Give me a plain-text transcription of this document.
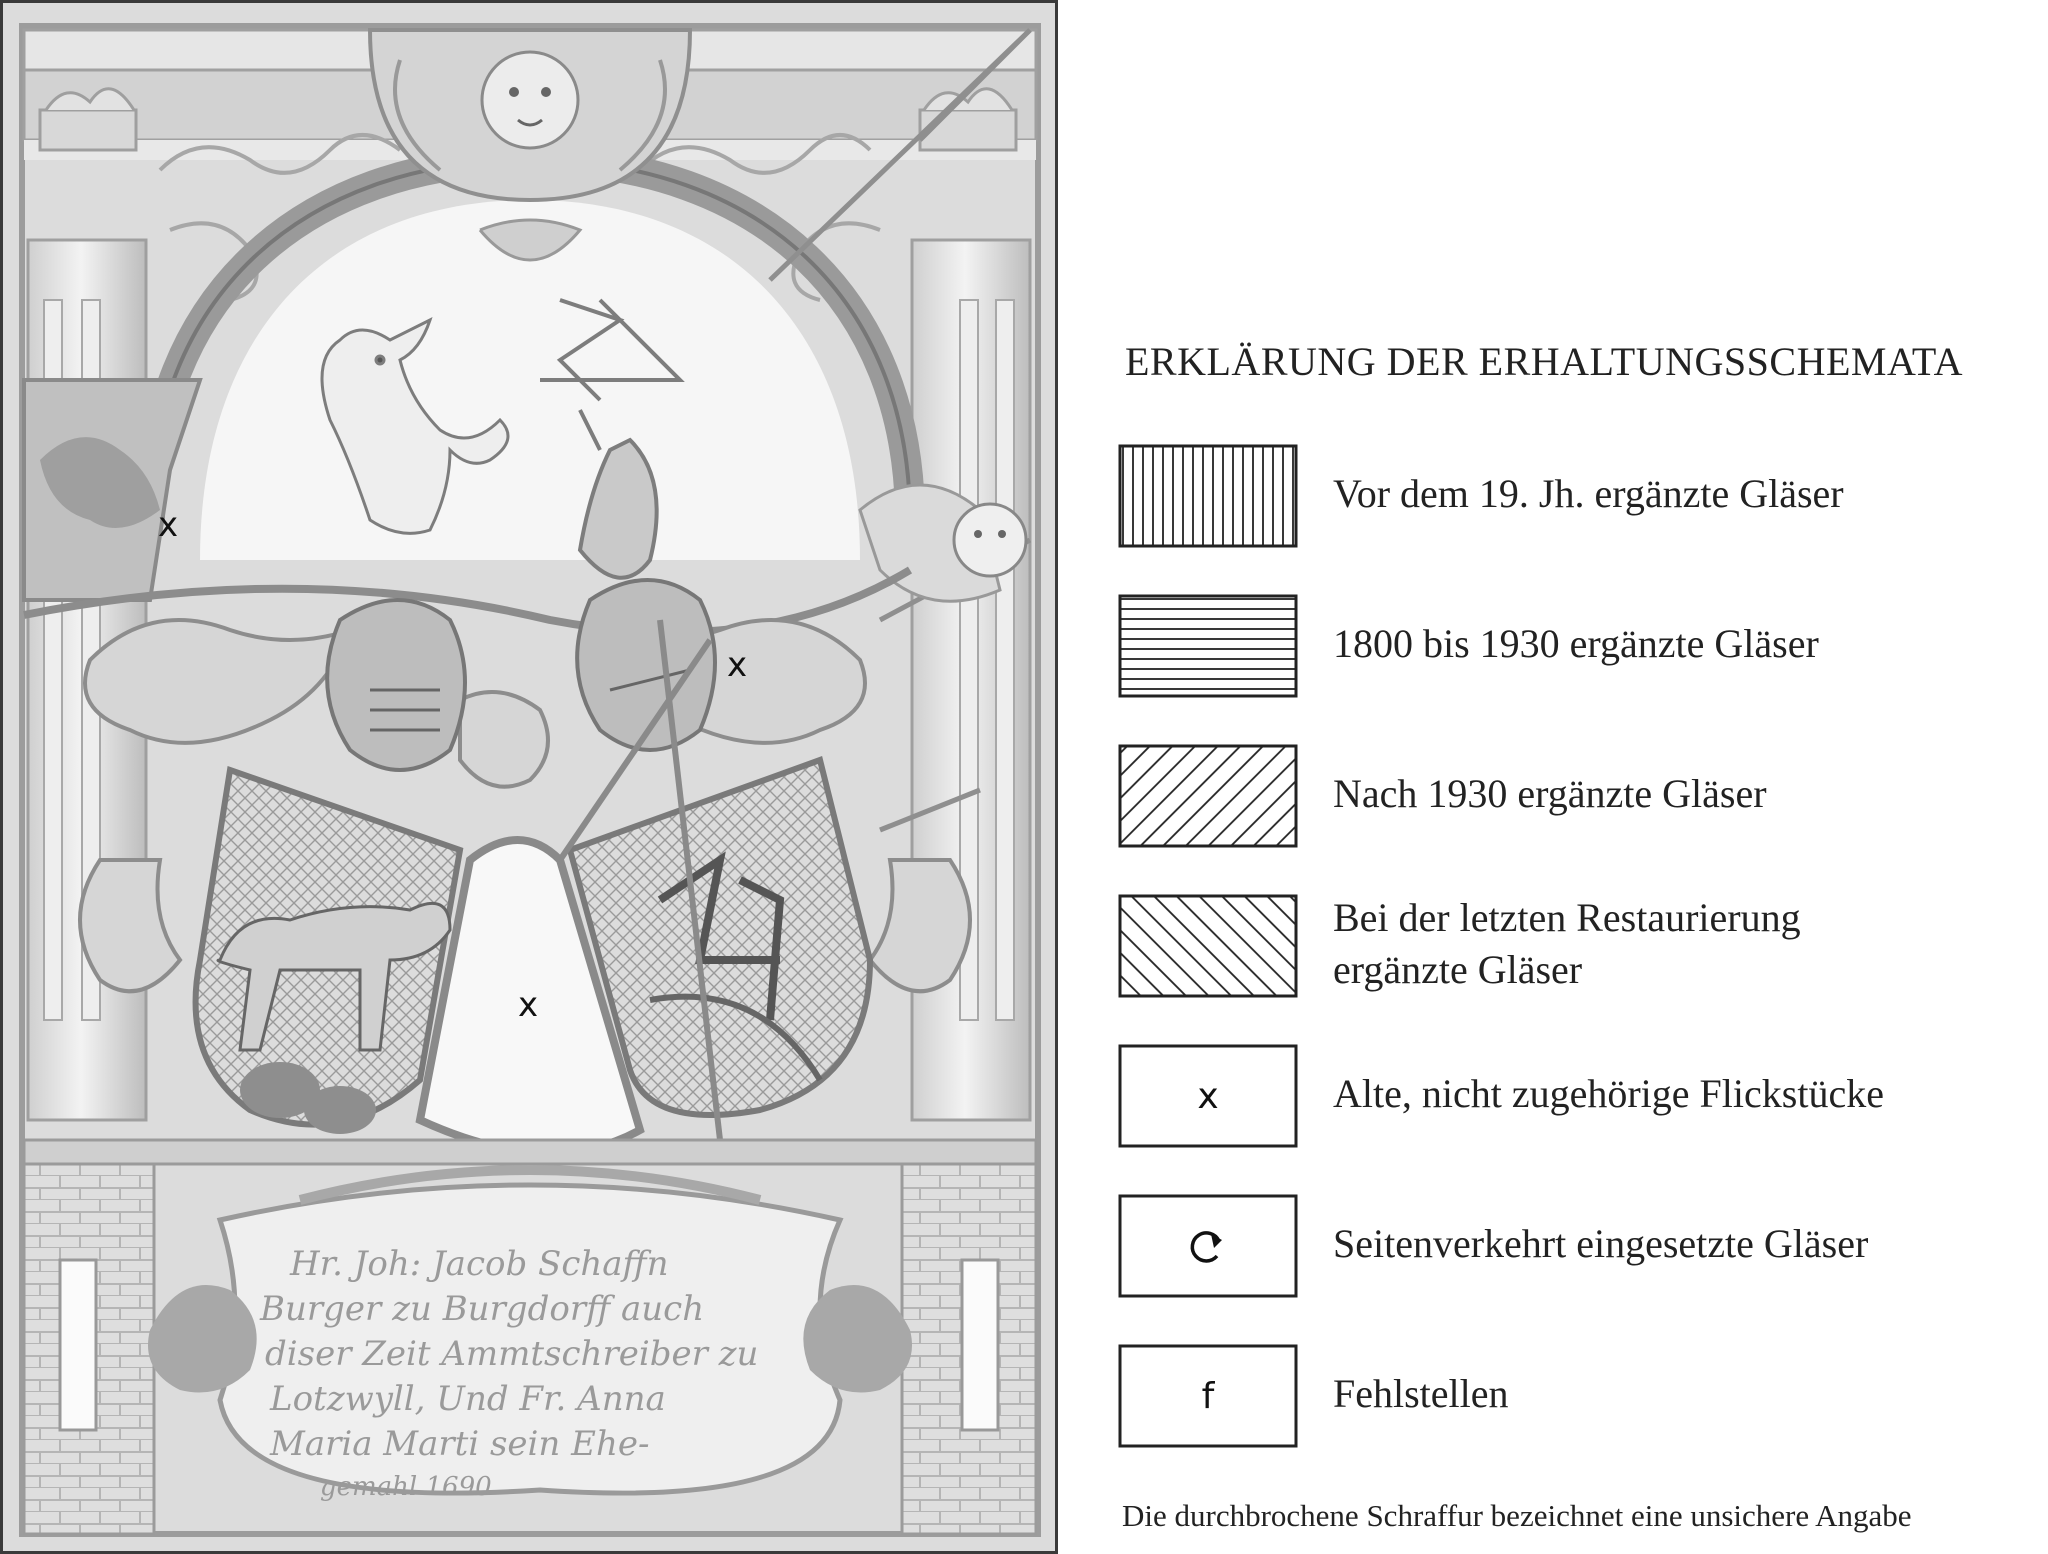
Hr. Joh: Jacob Schaffn
Burger zu Burgdorff auch
diser Zeit Ammtschreiber zu
Lotzwyll, Und Fr. Anna
Maria Marti sein Ehe-
gemahl 1690
x
x
x
ERKLÄRUNG DER ERHALTUNGSSCHEMATA
Vor dem 19. Jh. ergänzte Gläser
1800 bis 1930 ergänzte Gläser
Nach 1930 ergänzte Gläser
Bei der letzten Restaurierung
ergänzte Gläser
x	Alte, nicht zugehörige Flickstücke
Seitenverkehrt eingesetzte Gläser
f	Fehlstellen
Die durchbrochene Schraffur bezeichnet eine unsichere Angabe
